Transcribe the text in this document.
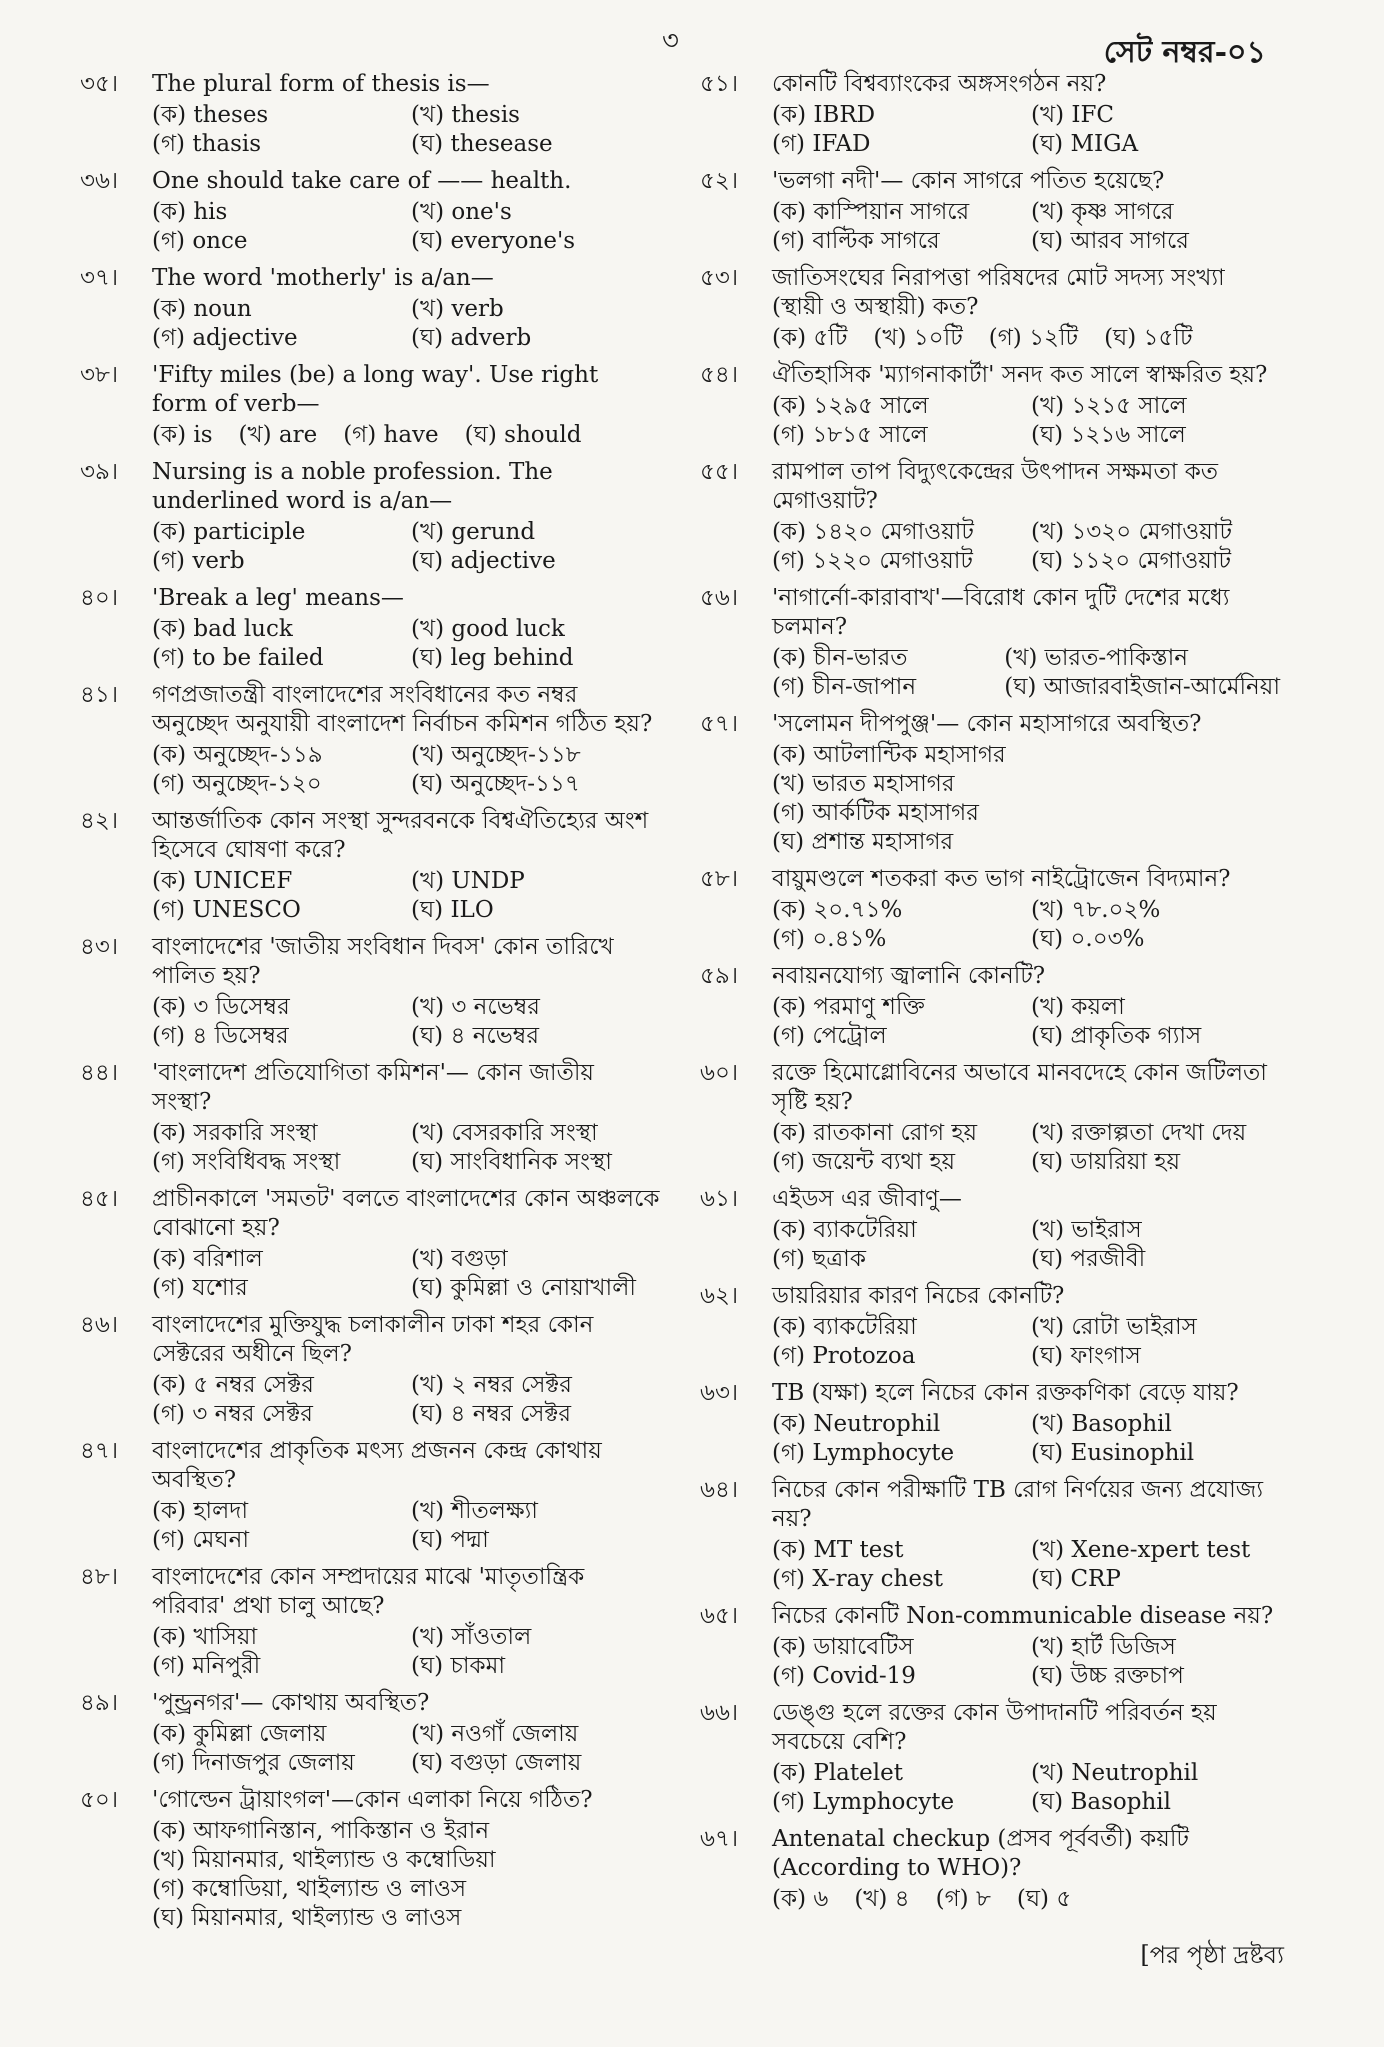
৩	সেট নম্বর-০১
৩৫।	The plural form of thesis is—
(ক) theses	(খ) thesis
(গ) thasis	(ঘ) thesease
৩৬।	One should take care of —— health.
(ক) his	(খ) one's
(গ) once	(ঘ) everyone's
৩৭।	The word 'motherly' is a/an—
(ক) noun	(খ) verb
(গ) adjective	(ঘ) adverb
৩৮।	'Fifty miles (be) a long way'. Use right form of verb—
(ক) is (খ) are (গ) have (ঘ) should
৩৯।	Nursing is a noble profession. The underlined word is a/an—
(ক) participle	(খ) gerund
(গ) verb	(ঘ) adjective
৪০।	'Break a leg' means—
(ক) bad luck	(খ) good luck
(গ) to be failed	(ঘ) leg behind
৪১।	গণপ্রজাতন্ত্রী বাংলাদেশের সংবিধানের কত নম্বর অনুচ্ছেদ অনুযায়ী বাংলাদেশ নির্বাচন কমিশন গঠিত হয়?
(ক) অনুচ্ছেদ-১১৯	(খ) অনুচ্ছেদ-১১৮
(গ) অনুচ্ছেদ-১২০	(ঘ) অনুচ্ছেদ-১১৭
৪২।	আন্তর্জাতিক কোন সংস্থা সুন্দরবনকে বিশ্বঐতিহ্যের অংশ হিসেবে ঘোষণা করে?
(ক) UNICEF	(খ) UNDP
(গ) UNESCO	(ঘ) ILO
৪৩।	বাংলাদেশের 'জাতীয় সংবিধান দিবস' কোন তারিখে পালিত হয়?
(ক) ৩ ডিসেম্বর	(খ) ৩ নভেম্বর
(গ) ৪ ডিসেম্বর	(ঘ) ৪ নভেম্বর
৪৪।	'বাংলাদেশ প্রতিযোগিতা কমিশন'— কোন জাতীয় সংস্থা?
(ক) সরকারি সংস্থা	(খ) বেসরকারি সংস্থা
(গ) সংবিধিবদ্ধ সংস্থা	(ঘ) সাংবিধানিক সংস্থা
৪৫।	প্রাচীনকালে 'সমতট' বলতে বাংলাদেশের কোন অঞ্চলকে বোঝানো হয়?
(ক) বরিশাল	(খ) বগুড়া
(গ) যশোর	(ঘ) কুমিল্লা ও নোয়াখালী
৪৬।	বাংলাদেশের মুক্তিযুদ্ধ চলাকালীন ঢাকা শহর কোন সেক্টরের অধীনে ছিল?
(ক) ৫ নম্বর সেক্টর	(খ) ২ নম্বর সেক্টর
(গ) ৩ নম্বর সেক্টর	(ঘ) ৪ নম্বর সেক্টর
৪৭।	বাংলাদেশের প্রাকৃতিক মৎস্য প্রজনন কেন্দ্র কোথায় অবস্থিত?
(ক) হালদা	(খ) শীতলক্ষ্যা
(গ) মেঘনা	(ঘ) পদ্মা
৪৮।	বাংলাদেশের কোন সম্প্রদায়ের মাঝে 'মাতৃতান্ত্রিক পরিবার' প্রথা চালু আছে?
(ক) খাসিয়া	(খ) সাঁওতাল
(গ) মনিপুরী	(ঘ) চাকমা
৪৯।	'পুন্ড্রনগর'— কোথায় অবস্থিত?
(ক) কুমিল্লা জেলায়	(খ) নওগাঁ জেলায়
(গ) দিনাজপুর জেলায়	(ঘ) বগুড়া জেলায়
৫০।	'গোল্ডেন ট্রায়াংগল'—কোন এলাকা নিয়ে গঠিত?
(ক) আফগানিস্তান, পাকিস্তান ও ইরান
(খ) মিয়ানমার, থাইল্যান্ড ও কম্বোডিয়া
(গ) কম্বোডিয়া, থাইল্যান্ড ও লাওস
(ঘ) মিয়ানমার, থাইল্যান্ড ও লাওস
৫১।	কোনটি বিশ্বব্যাংকের অঙ্গসংগঠন নয়?
(ক) IBRD	(খ) IFC
(গ) IFAD	(ঘ) MIGA
৫২।	'ভলগা নদী'— কোন সাগরে পতিত হয়েছে?
(ক) কাস্পিয়ান সাগরে	(খ) কৃষ্ণ সাগরে
(গ) বাল্টিক সাগরে	(ঘ) আরব সাগরে
৫৩।	জাতিসংঘের নিরাপত্তা পরিষদের মোট সদস্য সংখ্যা (স্থায়ী ও অস্থায়ী) কত?
(ক) ৫টি (খ) ১০টি (গ) ১২টি (ঘ) ১৫টি
৫৪।	ঐতিহাসিক 'ম্যাগনাকার্টা' সনদ কত সালে স্বাক্ষরিত হয়?
(ক) ১২৯৫ সালে	(খ) ১২১৫ সালে
(গ) ১৮১৫ সালে	(ঘ) ১২১৬ সালে
৫৫।	রামপাল তাপ বিদ্যুৎকেন্দ্রের উৎপাদন সক্ষমতা কত মেগাওয়াট?
(ক) ১৪২০ মেগাওয়াট	(খ) ১৩২০ মেগাওয়াট
(গ) ১২২০ মেগাওয়াট	(ঘ) ১১২০ মেগাওয়াট
৫৬।	'নাগার্নো-কারাবাখ'—বিরোধ কোন দুটি দেশের মধ্যে চলমান?
(ক) চীন-ভারত	(খ) ভারত-পাকিস্তান
(গ) চীন-জাপান	(ঘ) আজারবাইজান-আর্মেনিয়া
৫৭।	'সলোমন দীপপুঞ্জ'— কোন মহাসাগরে অবস্থিত?
(ক) আটলান্টিক মহাসাগর
(খ) ভারত মহাসাগর
(গ) আর্কটিক মহাসাগর
(ঘ) প্রশান্ত মহাসাগর
৫৮।	বায়ুমণ্ডলে শতকরা কত ভাগ নাইট্রোজেন বিদ্যমান?
(ক) ২০.৭১%	(খ) ৭৮.০২%
(গ) ০.৪১%	(ঘ) ০.০৩%
৫৯।	নবায়নযোগ্য জ্বালানি কোনটি?
(ক) পরমাণু শক্তি	(খ) কয়লা
(গ) পেট্রোল	(ঘ) প্রাকৃতিক গ্যাস
৬০।	রক্তে হিমোগ্লোবিনের অভাবে মানবদেহে কোন জটিলতা সৃষ্টি হয়?
(ক) রাতকানা রোগ হয়	(খ) রক্তাল্পতা দেখা দেয়
(গ) জয়েন্ট ব্যথা হয়	(ঘ) ডায়রিয়া হয়
৬১।	এইডস এর জীবাণু—
(ক) ব্যাকটেরিয়া	(খ) ভাইরাস
(গ) ছত্রাক	(ঘ) পরজীবী
৬২।	ডায়রিয়ার কারণ নিচের কোনটি?
(ক) ব্যাকটেরিয়া	(খ) রোটা ভাইরাস
(গ) Protozoa	(ঘ) ফাংগাস
৬৩।	TB (যক্ষা) হলে নিচের কোন রক্তকণিকা বেড়ে যায়?
(ক) Neutrophil	(খ) Basophil
(গ) Lymphocyte	(ঘ) Eusinophil
৬৪।	নিচের কোন পরীক্ষাটি TB রোগ নির্ণয়ের জন্য প্রযোজ্য নয়?
(ক) MT test	(খ) Xene-xpert test
(গ) X-ray chest	(ঘ) CRP
৬৫।	নিচের কোনটি Non-communicable disease নয়?
(ক) ডায়াবেটিস	(খ) হার্ট ডিজিস
(গ) Covid-19	(ঘ) উচ্চ রক্তচাপ
৬৬।	ডেঙ্গু হলে রক্তের কোন উপাদানটি পরিবর্তন হয় সবচেয়ে বেশি?
(ক) Platelet	(খ) Neutrophil
(গ) Lymphocyte	(ঘ) Basophil
৬৭।	Antenatal checkup (প্রসব পূর্ববর্তী) কয়টি (According to WHO)?
(ক) ৬ (খ) ৪ (গ) ৮ (ঘ) ৫
[পর পৃষ্ঠা দ্রষ্টব্য
